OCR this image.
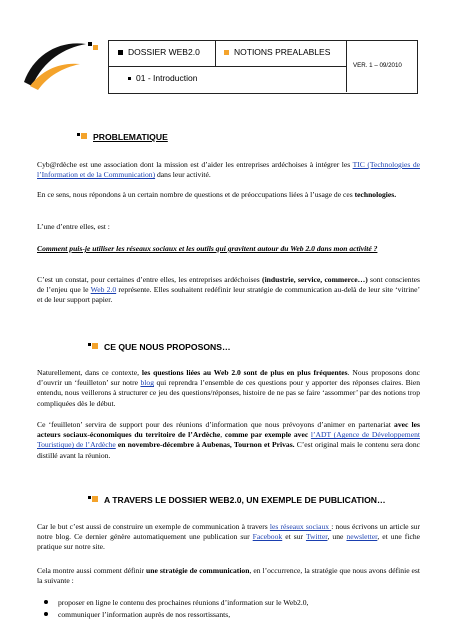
DOSSIER WEB2.0	NOTIONS PREALABLES
01 - Introduction
VER. 1 – 09/2010
PROBLEMATIQUE
Cyb@rdèche est une association dont la mission est d’aider les entreprises ardéchoises à intégrer les TIC (Technologies de l’Information et de la Communication) dans leur activité.
En ce sens, nous répondons à un certain nombre de questions et de préoccupations liées à l’usage de ces technologies.
L’une d’entre elles, est :
Comment puis-je utiliser les réseaux sociaux et les outils qui gravitent autour du Web 2.0 dans mon activité ?
C’est un constat, pour certaines d’entre elles, les entreprises ardéchoises (industrie, service, commerce…) sont conscientes de l’enjeu que le Web 2.0 représente. Elles souhaitent redéfinir leur stratégie de communication au-delà de leur site ‘vitrine’ et de leur support papier.
CE QUE NOUS PROPOSONS…
Naturellement, dans ce contexte, les questions liées au Web 2.0 sont de plus en plus fréquentes. Nous proposons donc d’ouvrir un ‘feuilleton’ sur notre blog qui reprendra l’ensemble de ces questions pour y apporter des réponses claires. Bien entendu, nous veillerons à structurer ce jeu des questions/réponses, histoire de ne pas se faire ‘assommer’ par des notions trop compliquées dès le début.
Ce ‘feuilleton’ servira de support pour des réunions d’information que nous prévoyons d’animer en partenariat avec les acteurs sociaux-économiques du territoire de l’Ardèche, comme par exemple avec l’ADT (Agence de Développement Touristique) de l’Ardèche en novembre-décembre à Aubenas, Tournon et Privas. C’est original mais le contenu sera donc distillé avant la réunion.
A TRAVERS LE DOSSIER WEB2.0, UN EXEMPLE DE PUBLICATION…
Car le but c’est aussi de construire un exemple de communication à travers les réseaux sociaux : nous écrivons un article sur notre blog. Ce dernier génère automatiquement une publication sur Facebook et sur Twitter, une newsletter, et une fiche pratique sur notre site.
Cela montre aussi comment définir une stratégie de communication, en l’occurrence, la stratégie que nous avons définie est la suivante :
proposer en ligne le contenu des prochaines réunions d’information sur le Web2.0,
communiquer l’information auprès de nos ressortissants,
